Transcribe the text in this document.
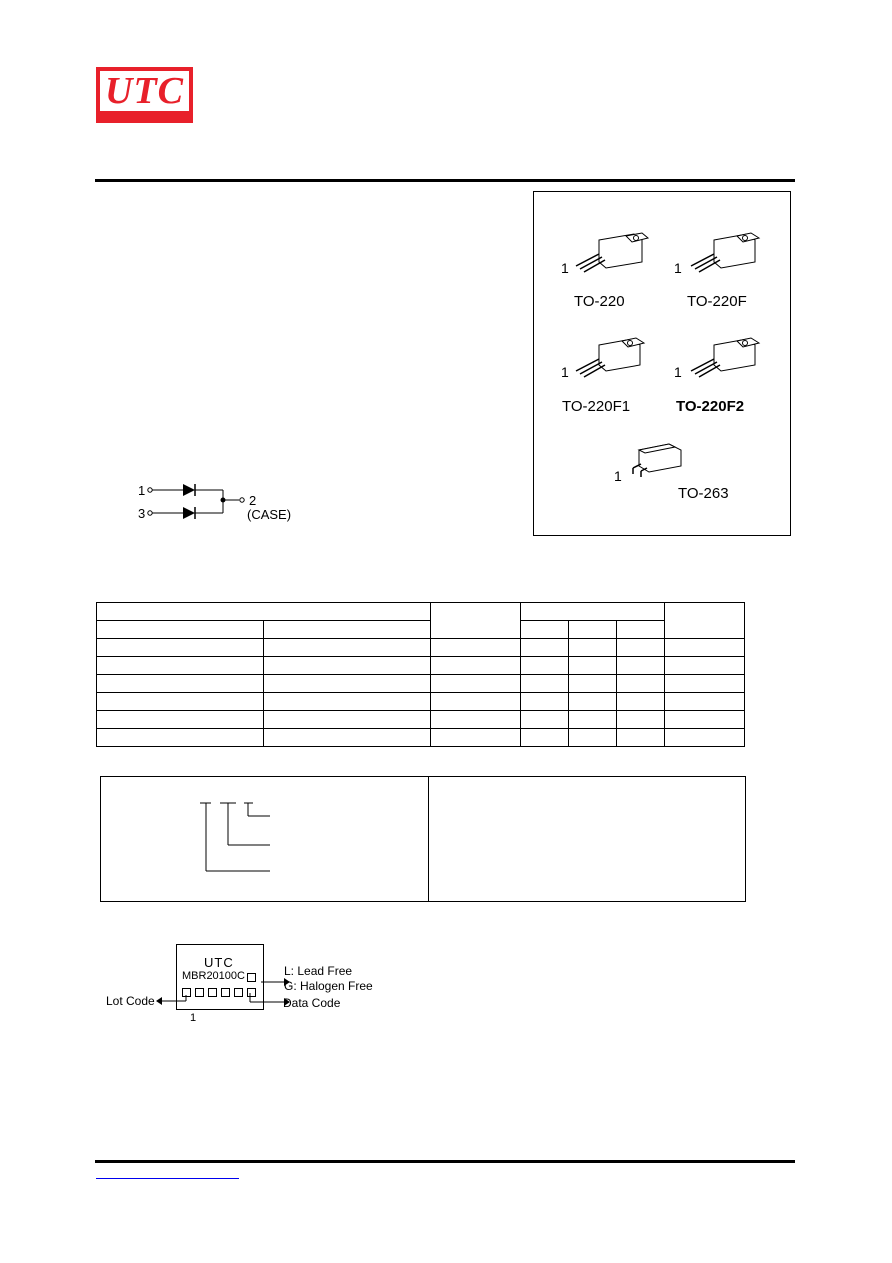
UTC
1
TO-220
1
TO-220F
1
TO-220F1
1
TO-220F2
1
TO-263
1
3
2
(CASE)

UTC
MBR20100C	L: Lead Free
G: Halogen Free
Lot Code	Data Code
1
